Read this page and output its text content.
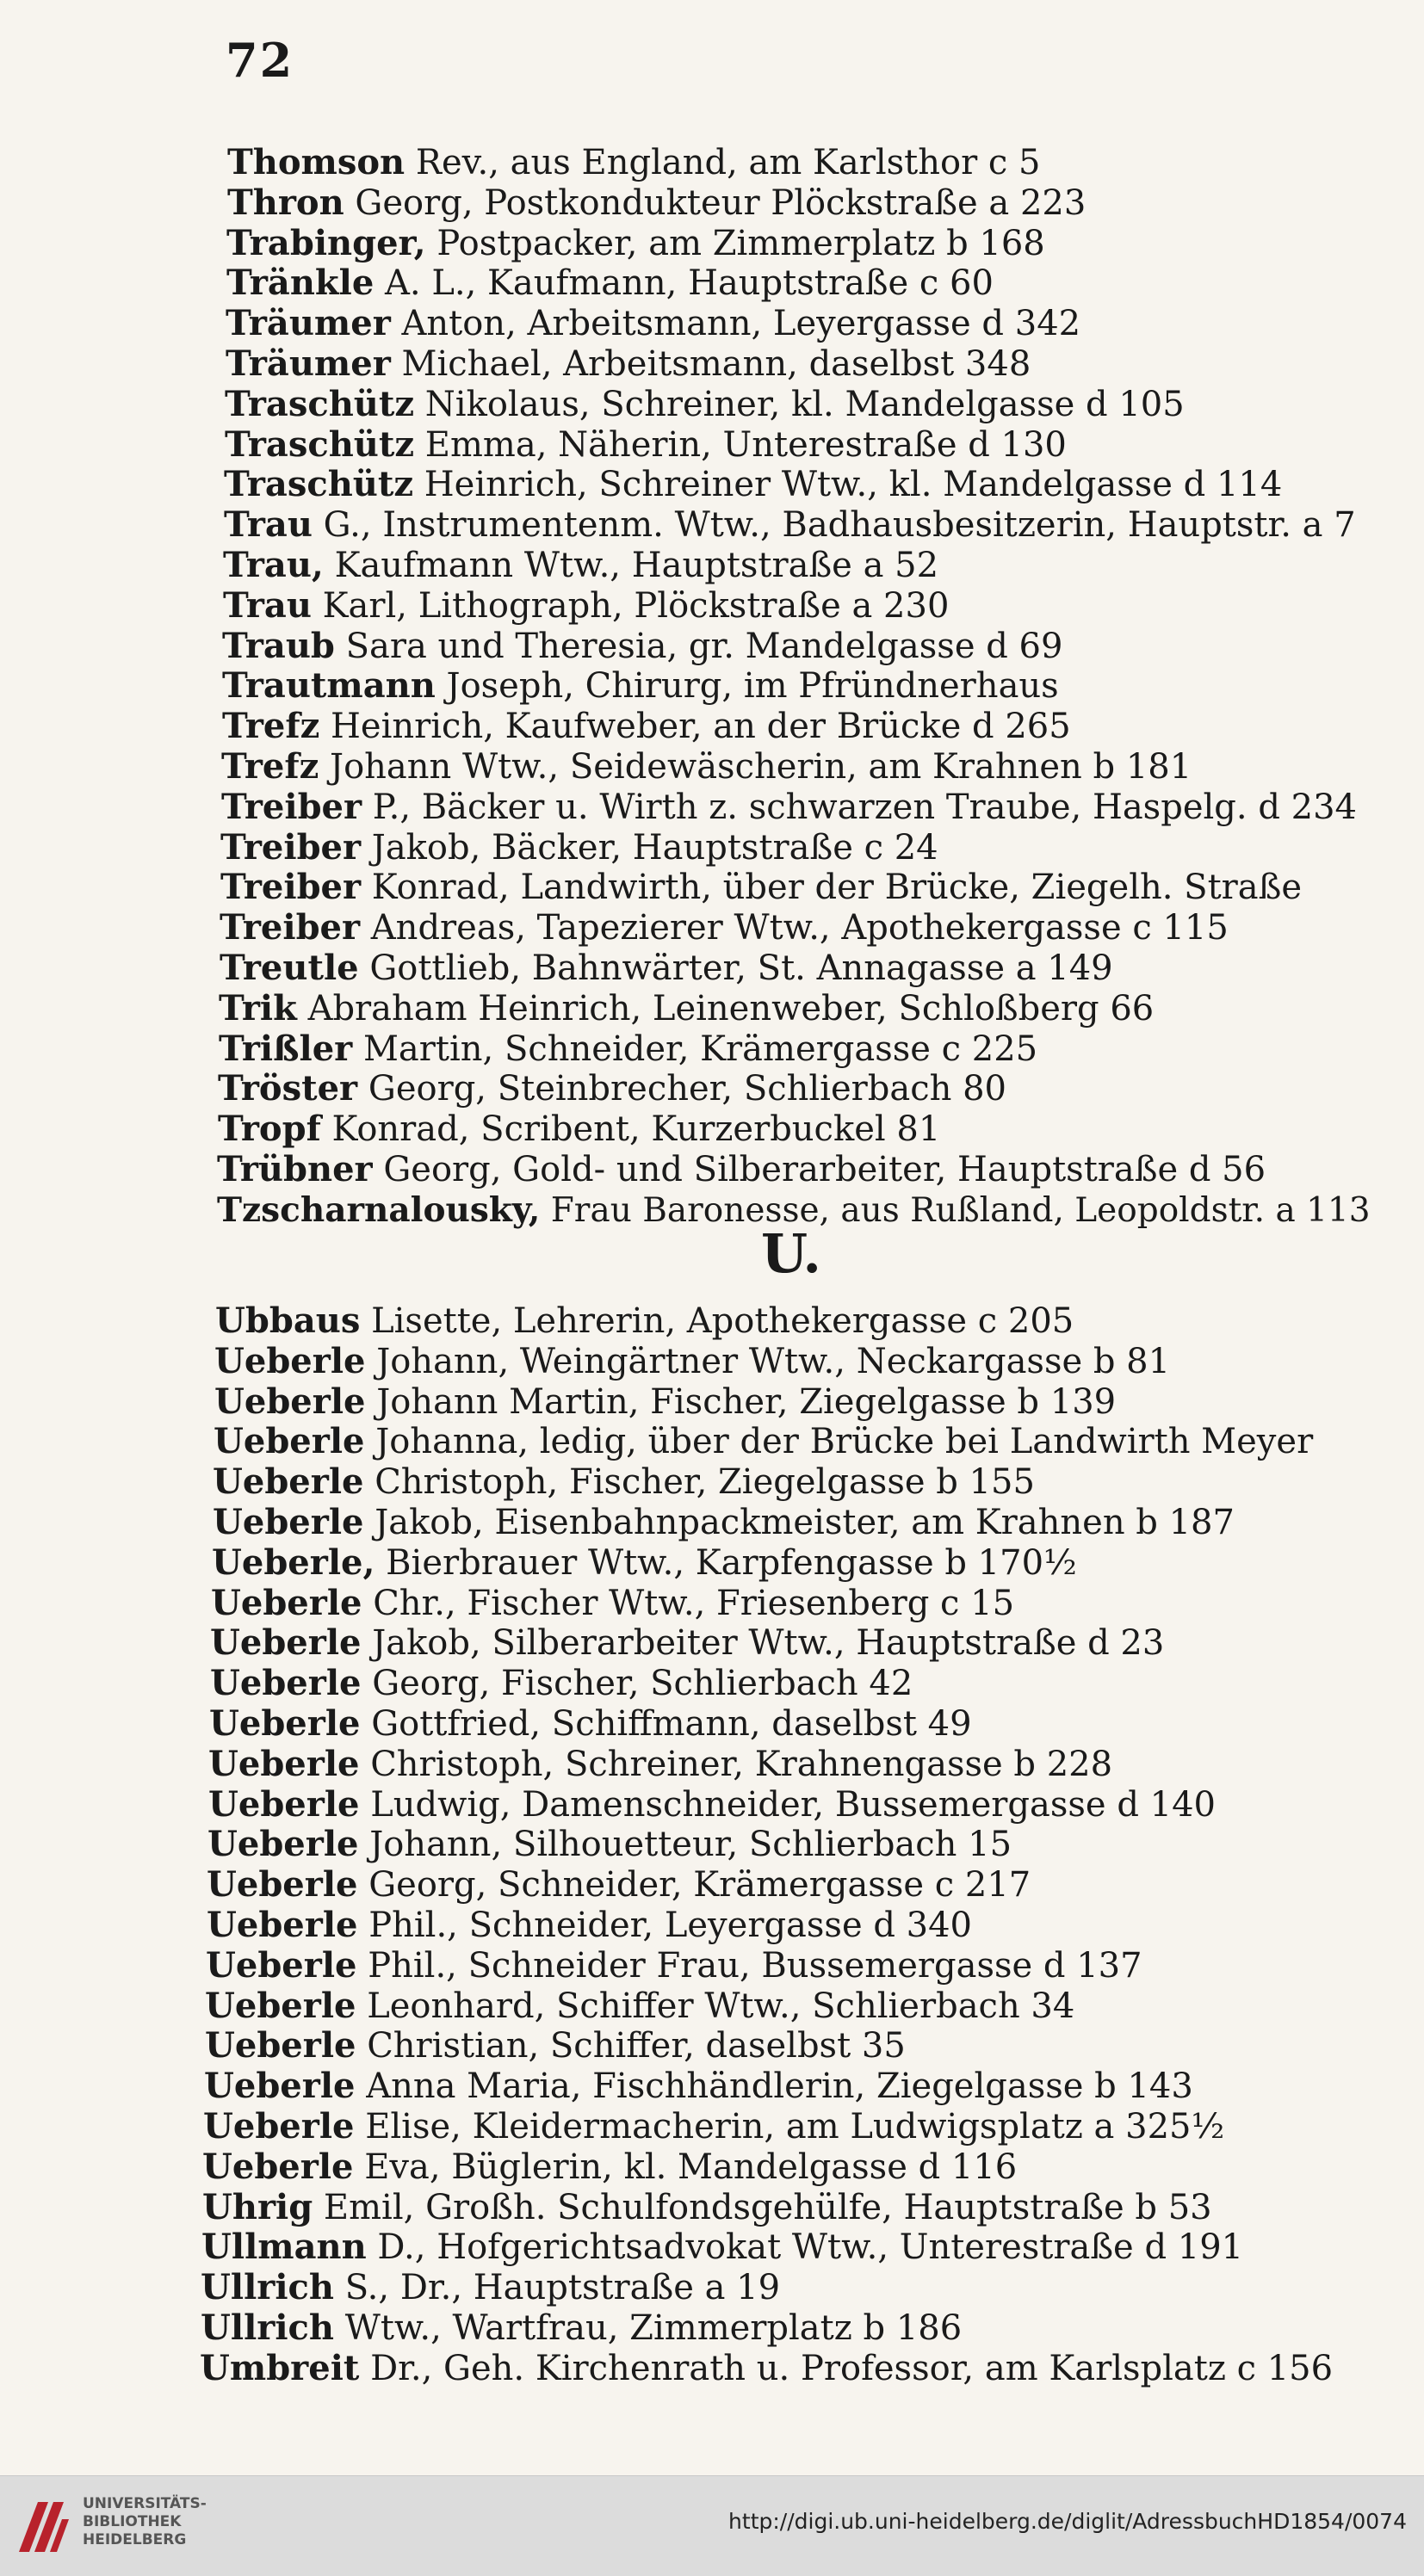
72
Thomson Rev., aus England, am Karlsthor c 5
Thron Georg, Postkondukteur Plöckstraße a 223
Trabinger, Postpacker, am Zimmerplatz b 168
Tränkle A. L., Kaufmann, Hauptstraße c 60
Träumer Anton, Arbeitsmann, Leyergasse d 342
Träumer Michael, Arbeitsmann, daselbst 348
Traschütz Nikolaus, Schreiner, kl. Mandelgasse d 105
Traschütz Emma, Näherin, Unterestraße d 130
Traschütz Heinrich, Schreiner Wtw., kl. Mandelgasse d 114
Trau G., Instrumentenm. Wtw., Badhausbesitzerin, Hauptstr. a 7
Trau, Kaufmann Wtw., Hauptstraße a 52
Trau Karl, Lithograph, Plöckstraße a 230
Traub Sara und Theresia, gr. Mandelgasse d 69
Trautmann Joseph, Chirurg, im Pfründnerhaus
Trefz Heinrich, Kaufweber, an der Brücke d 265
Trefz Johann Wtw., Seidewäscherin, am Krahnen b 181
Treiber P., Bäcker u. Wirth z. schwarzen Traube, Haspelg. d 234
Treiber Jakob, Bäcker, Hauptstraße c 24
Treiber Konrad, Landwirth, über der Brücke, Ziegelh. Straße
Treiber Andreas, Tapezierer Wtw., Apothekergasse c 115
Treutle Gottlieb, Bahnwärter, St. Annagasse a 149
Trik Abraham Heinrich, Leinenweber, Schloßberg 66
Trißler Martin, Schneider, Krämergasse c 225
Tröster Georg, Steinbrecher, Schlierbach 80
Tropf Konrad, Scribent, Kurzerbuckel 81
Trübner Georg, Gold- und Silberarbeiter, Hauptstraße d 56
Tzscharnalousky, Frau Baronesse, aus Rußland, Leopoldstr. a 113
U.
Ubbaus Lisette, Lehrerin, Apothekergasse c 205
Ueberle Johann, Weingärtner Wtw., Neckargasse b 81
Ueberle Johann Martin, Fischer, Ziegelgasse b 139
Ueberle Johanna, ledig, über der Brücke bei Landwirth Meyer
Ueberle Christoph, Fischer, Ziegelgasse b 155
Ueberle Jakob, Eisenbahnpackmeister, am Krahnen b 187
Ueberle, Bierbrauer Wtw., Karpfengasse b 170½
Ueberle Chr., Fischer Wtw., Friesenberg c 15
Ueberle Jakob, Silberarbeiter Wtw., Hauptstraße d 23
Ueberle Georg, Fischer, Schlierbach 42
Ueberle Gottfried, Schiffmann, daselbst 49
Ueberle Christoph, Schreiner, Krahnengasse b 228
Ueberle Ludwig, Damenschneider, Bussemergasse d 140
Ueberle Johann, Silhouetteur, Schlierbach 15
Ueberle Georg, Schneider, Krämergasse c 217
Ueberle Phil., Schneider, Leyergasse d 340
Ueberle Phil., Schneider Frau, Bussemergasse d 137
Ueberle Leonhard, Schiffer Wtw., Schlierbach 34
Ueberle Christian, Schiffer, daselbst 35
Ueberle Anna Maria, Fischhändlerin, Ziegelgasse b 143
Ueberle Elise, Kleidermacherin, am Ludwigsplatz a 325½
Ueberle Eva, Büglerin, kl. Mandelgasse d 116
Uhrig Emil, Großh. Schulfondsgehülfe, Hauptstraße b 53
Ullmann D., Hofgerichtsadvokat Wtw., Unterestraße d 191
Ullrich S., Dr., Hauptstraße a 19
Ullrich Wtw., Wartfrau, Zimmerplatz b 186
Umbreit Dr., Geh. Kirchenrath u. Professor, am Karlsplatz c 156
UNIVERSITÄTS-
BIBLIOTHEK
HEIDELBERG
http://digi.ub.uni-heidelberg.de/diglit/AdressbuchHD1854/0074
